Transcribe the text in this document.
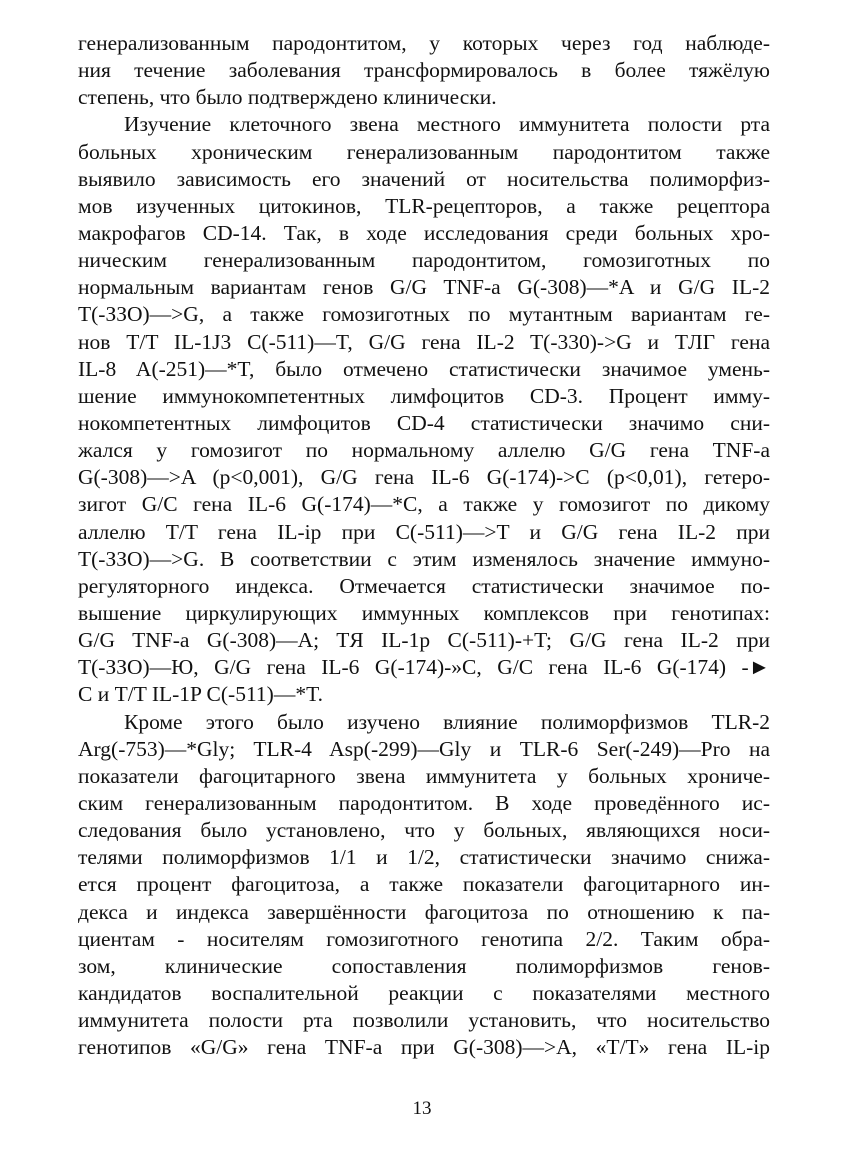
генерализованным пародонтитом, у которых через год наблюде-
ния течение заболевания трансформировалось в более тяжёлую
степень, что было подтверждено клинически.
Изучение клеточного звена местного иммунитета полости рта
больных хроническим генерализованным пародонтитом также
выявило зависимость его значений от носительства полиморфиз-
мов изученных цитокинов, TLR-рецепторов, а также рецептора
макрофагов CD-14. Так, в ходе исследования среди больных хро-
ническим генерализованным пародонтитом, гомозиготных по
нормальным вариантам генов G/G TNF-a G(-308)—*A и G/G IL-2
T(-ЗЗО)—>G, а также гомозиготных по мутантным вариантам ге-
нов T/T IL-1J3 C(-511)—T, G/G гена IL-2 T(-330)->G и TЛГ гена
IL-8 A(-251)—*T, было отмечено статистически значимое умень-
шение иммунокомпетентных лимфоцитов CD-3. Процент имму-
нокомпетентных лимфоцитов CD-4 статистически значимо сни-
жался у гомозигот по нормальному аллелю G/G гена TNF-a
G(-308)—>A (p<0,001), G/G гена IL-6 G(-174)->C (p<0,01), гетеро-
зигот G/C гена IL-6 G(-174)—*C, а также у гомозигот по дикому
аллелю T/T гена IL-ip при C(-511)—>T и G/G гена IL-2 при
T(-ЗЗО)—>G. В соответствии с этим изменялось значение иммуно-
регуляторного индекса. Отмечается статистически значимое по-
вышение циркулирующих иммунных комплексов при генотипах:
G/G TNF-a G(-308)—A; TЯ IL-1p C(-511)-+T; G/G гена IL-2 при
T(-ЗЗО)—Ю, G/G гена IL-6 G(-174)-»C, G/C гена IL-6 G(-174) -►
C и T/T IL-1P C(-511)—*T.
Кроме этого было изучено влияние полиморфизмов TLR-2
Arg(-753)—*Gly; TLR-4 Asp(-299)—Gly и TLR-6 Ser(-249)—Pro на
показатели фагоцитарного звена иммунитета у больных хрониче-
ским генерализованным пародонтитом. В ходе проведённого ис-
следования было установлено, что у больных, являющихся носи-
телями полиморфизмов 1/1 и 1/2, статистически значимо снижа-
ется процент фагоцитоза, а также показатели фагоцитарного ин-
декса и индекса завершённости фагоцитоза по отношению к па-
циентам - носителям гомозиготного генотипа 2/2. Таким обра-
зом, клинические сопоставления полиморфизмов генов-
кандидатов воспалительной реакции с показателями местного
иммунитета полости рта позволили установить, что носительство
генотипов «G/G» гена TNF-a при G(-308)—>A, «T/T» гена IL-ip
13
